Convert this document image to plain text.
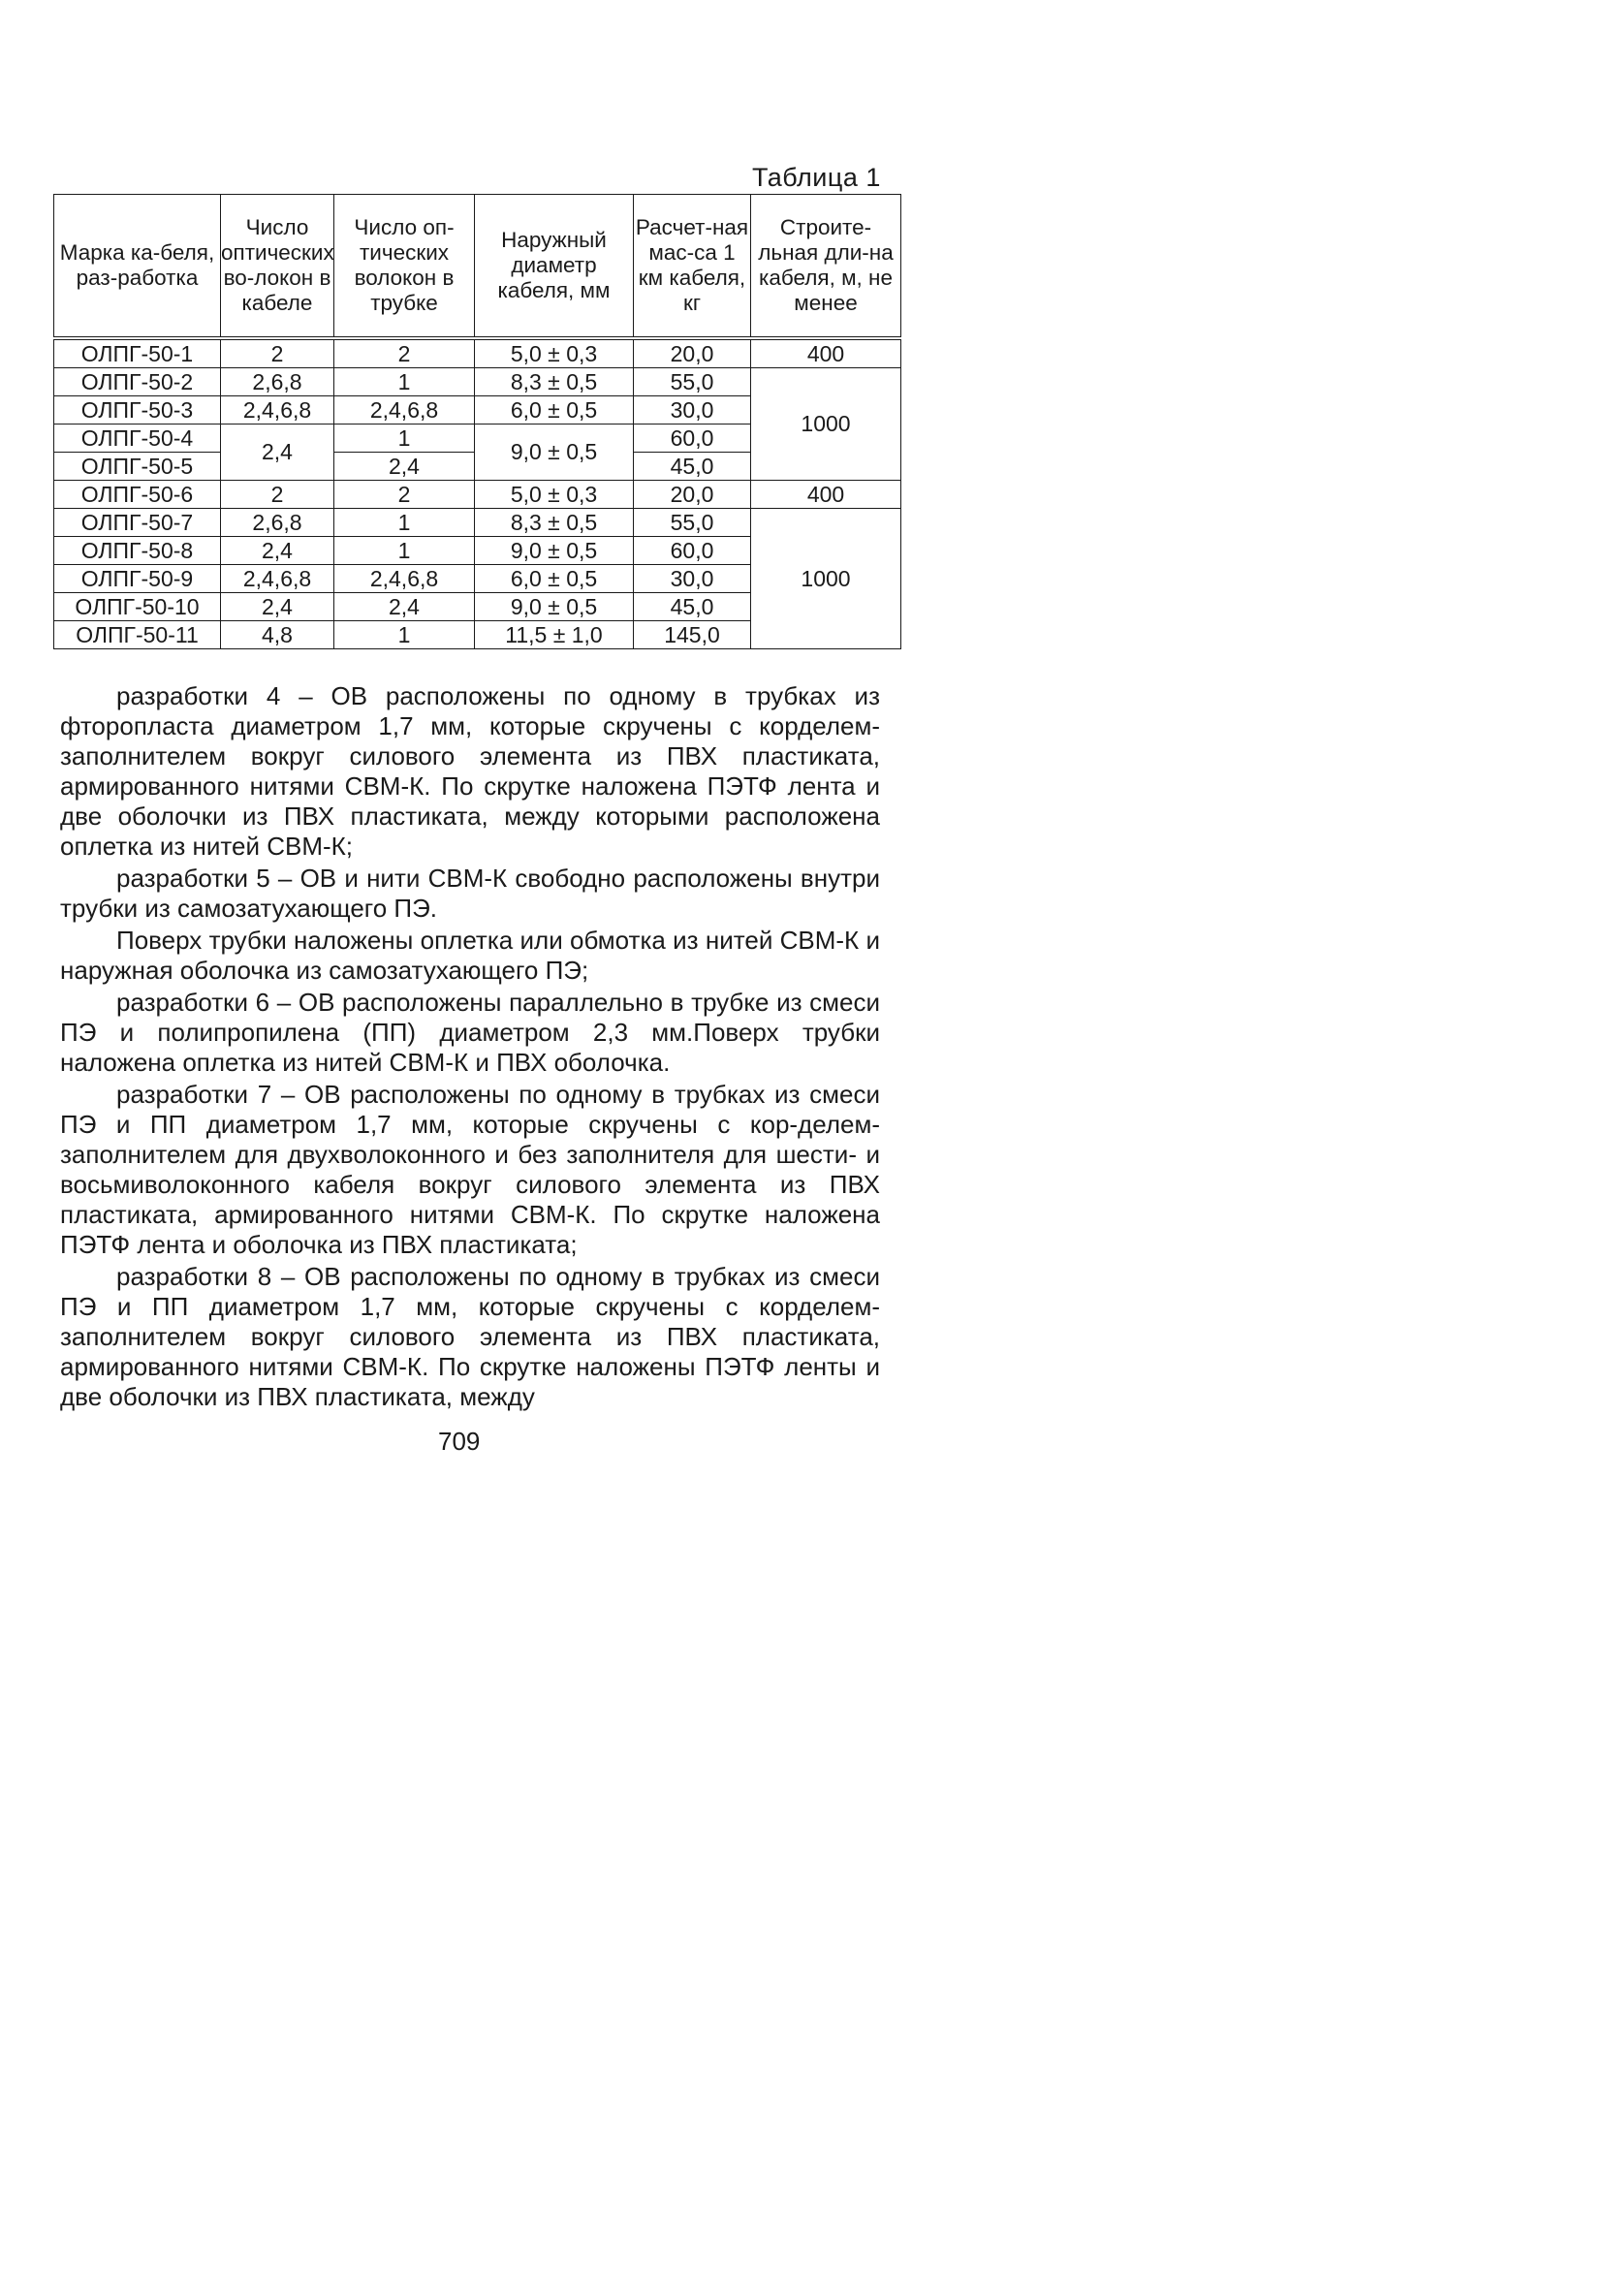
Таблица 1
Марка ка-беля, раз-работка	Число оптических во-локон в кабеле	Число оп-тических волокон в трубке	Наружный диаметр кабеля, мм	Расчет-ная мас-са 1 км кабеля, кг	Строите-льная дли-на кабеля, м, не менее
ОЛПГ-50-1	2	2	5,0 ± 0,3	20,0	400
ОЛПГ-50-2	2,6,8	1	8,3 ± 0,5	55,0	1000
ОЛПГ-50-3	2,4,6,8	2,4,6,8	6,0 ± 0,5	30,0	
ОЛПГ-50-4	2,4	1	9,0 ± 0,5	60,0	
ОЛПГ-50-5		2,4		45,0	
ОЛПГ-50-6	2	2	5,0 ± 0,3	20,0	400
ОЛПГ-50-7	2,6,8	1	8,3 ± 0,5	55,0	1000
ОЛПГ-50-8	2,4	1	9,0 ± 0,5	60,0	
ОЛПГ-50-9	2,4,6,8	2,4,6,8	6,0 ± 0,5	30,0	
ОЛПГ-50-10	2,4	2,4	9,0 ± 0,5	45,0	
ОЛПГ-50-11	4,8	1	11,5 ± 1,0	145,0	

разработки 4 – ОВ расположены по одному в трубках из фторопласта диаметром 1,7 мм, которые скручены с корделем-заполнителем вокруг силового элемента из ПВХ пластиката, армированного нитями СВМ-К. По скрутке наложена ПЭТФ лента и две оболочки из ПВХ пластиката, между которыми расположена оплетка из нитей СВМ-К;

разработки 5 – ОВ и нити СВМ-К свободно расположены внутри трубки из самозатухающего ПЭ.

Поверх трубки наложены оплетка или обмотка из нитей СВМ-К и наружная оболочка из самозатухающего ПЭ;

разработки 6 – ОВ расположены параллельно в трубке из смеси ПЭ и полипропилена (ПП) диаметром 2,3 мм.Поверх трубки наложена оплетка из нитей СВМ-К и ПВХ оболочка.

разработки 7 – ОВ расположены по одному в трубках из смеси ПЭ и ПП диаметром 1,7 мм, которые скручены с кор-делем-заполнителем для двухволоконного и без заполнителя для шести- и восьмиволоконного кабеля вокруг силового элемента из ПВХ пластиката, армированного нитями СВМ-К. По скрутке наложена ПЭТФ лента и оболочка из ПВХ пластиката;

разработки 8 – ОВ расположены по одному в трубках из смеси ПЭ и ПП диаметром 1,7 мм, которые скручены с корделем-заполнителем вокруг силового элемента из ПВХ пластиката, армированного нитями СВМ-К. По скрутке наложены ПЭТФ ленты и две оболочки из ПВХ пластиката, между

709
